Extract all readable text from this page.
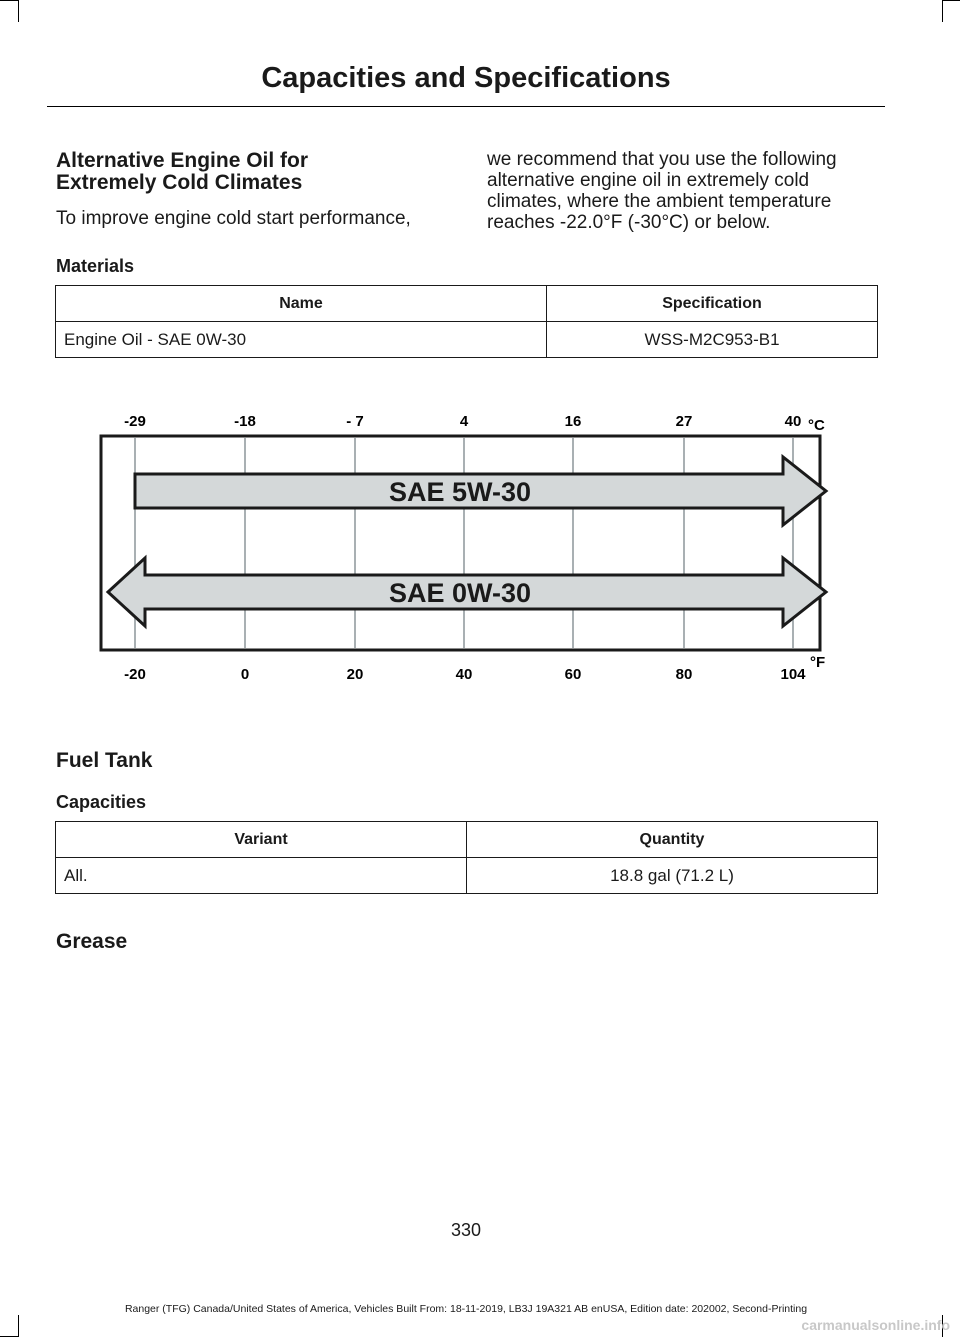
Capacities and Specifications
Alternative Engine Oil for
Extremely Cold Climates
To improve engine cold start performance,
we recommend that you use the following
alternative engine oil in extremely cold
climates, where the ambient temperature
reaches -22.0°F (-30°C) or below.
Materials
Name	Specification
Engine Oil - SAE 0W-30	WSS-M2C953-B1
-29	-18	- 7	4	16	27	40 °C
SAE 5W-30
SAE 0W-30
-20	0	20	40	60	80	104
°F
Fuel Tank
Capacities
Variant	Quantity
All.	18.8 gal (71.2 L)
Grease
330
Ranger (TFG) Canada/United States of America, Vehicles Built From: 18-11-2019, LB3J 19A321 AB enUSA, Edition date: 202002, Second-Printing
carmanualsonline.info
